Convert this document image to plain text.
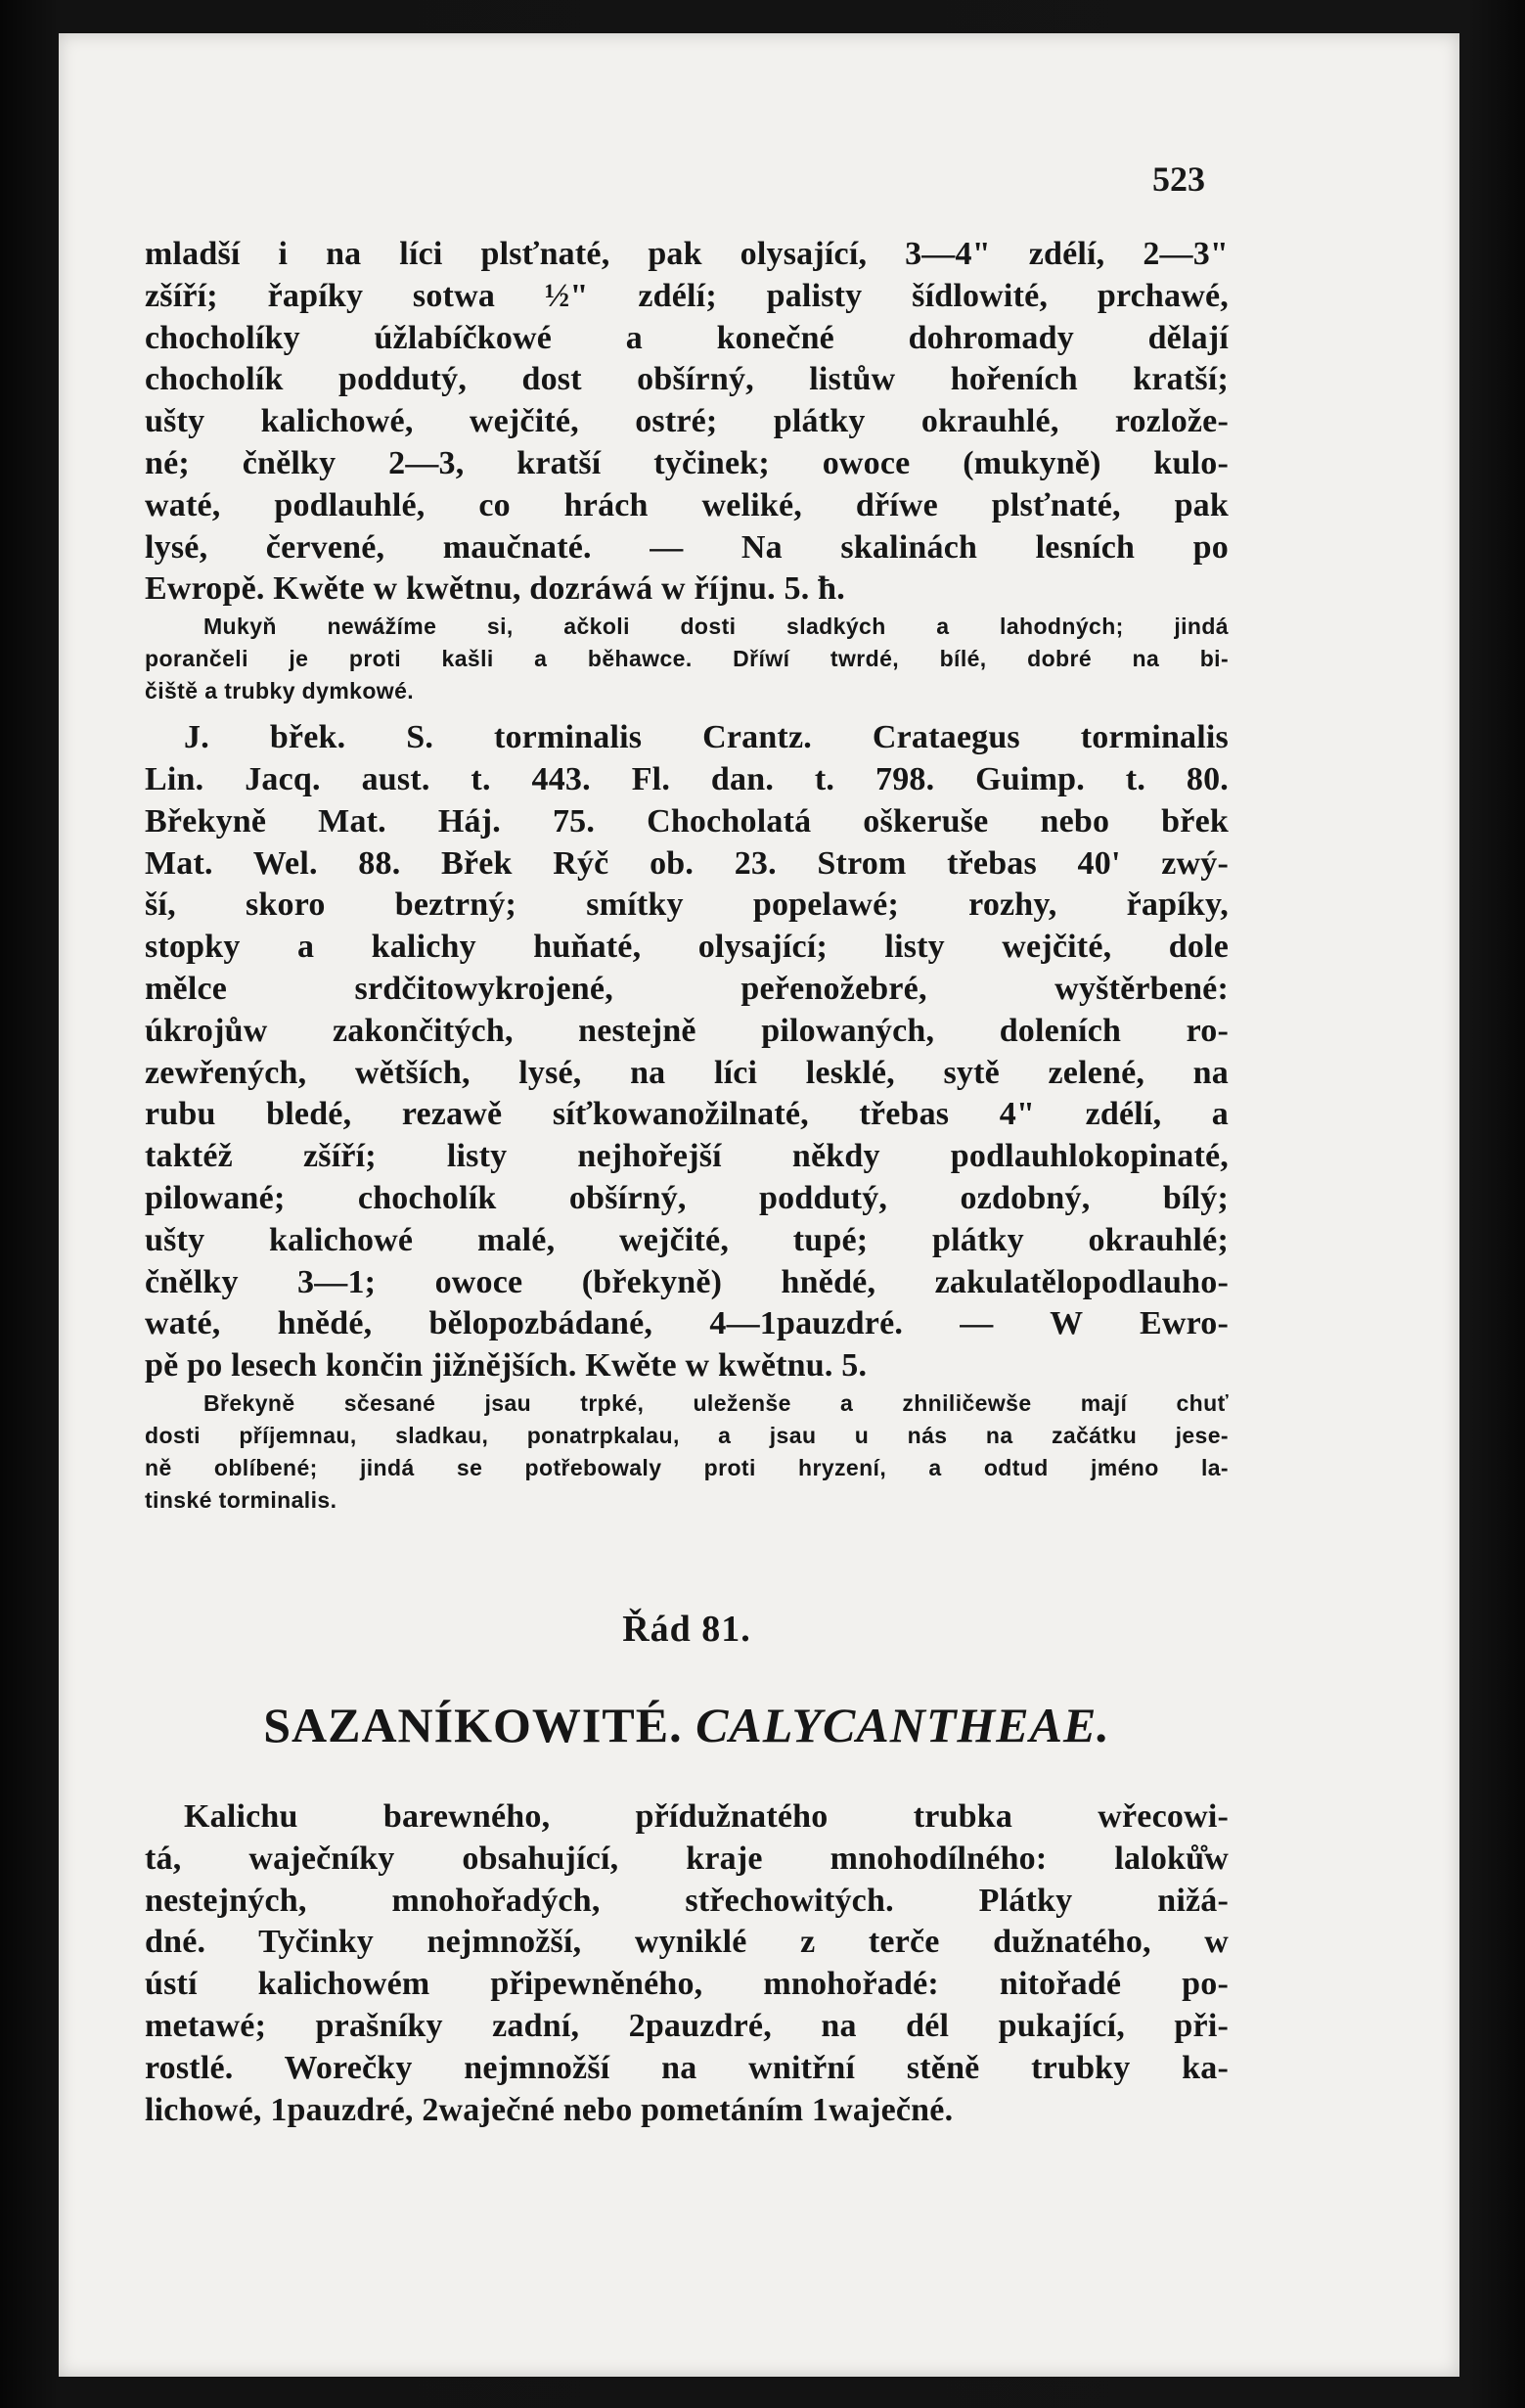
523
mladší i na líci plsťnaté, pak olysající, 3—4" zdélí, 2—3"
zšíří; řapíky sotwa ½" zdélí; palisty šídlowité, prchawé,
chocholíky úžlabíčkowé a konečné dohromady dělají
chocholík poddutý, dost obšírný, listůw hořeních kratší;
ušty kalichowé, wejčité, ostré; plátky okrauhlé, rozlože-
né; čnělky 2—3, kratší tyčinek; owoce (mukyně) kulo-
waté, podlauhlé, co hrách weliké, dříwe plsťnaté, pak
lysé, červené, maučnaté. — Na skalinách lesních po
Ewropě. Kwěte w kwětnu, dozráwá w říjnu. 5. ħ.
Mukyň newážíme si, ačkoli dosti sladkých a lahodných; jindá
porančeli je proti kašli a běhawce. Dříwí twrdé, bílé, dobré na bi-
čiště a trubky dymkowé.
J. břek. S. torminalis Crantz. Crataegus torminalis
Lin. Jacq. aust. t. 443. Fl. dan. t. 798. Guimp. t. 80.
Břekyně Mat. Háj. 75. Chocholatá oškeruše nebo břek
Mat. Wel. 88. Břek Rýč ob. 23. Strom třebas 40' zwý-
ší, skoro beztrný; smítky popelawé; rozhy, řapíky,
stopky a kalichy huňaté, olysající; listy wejčité, dole
mělce srdčitowykrojené, peřenožebré, wyštěrbené:
úkrojůw zakončitých, nestejně pilowaných, doleních ro-
zewřených, wětších, lysé, na líci lesklé, sytě zelené, na
rubu bledé, rezawě síťkowanožilnaté, třebas 4" zdélí, a
taktéž zšíří; listy nejhořejší někdy podlauhlokopinaté,
pilowané; chocholík obšírný, poddutý, ozdobný, bílý;
ušty kalichowé malé, wejčité, tupé; plátky okrauhlé;
čnělky 3—1; owoce (břekyně) hnědé, zakulatělopodlauho-
waté, hnědé, bělopozbádané, 4—1pauzdré. — W Ewro-
pě po lesech končin jižnějších. Kwěte w kwětnu. 5.
Břekyně sčesané jsau trpké, uleženše a zhniličewše mají chuť
dosti příjemnau, sladkau, ponatrpkalau, a jsau u nás na začátku jese-
ně oblíbené; jindá se potřebowaly proti hryzení, a odtud jméno la-
tinské torminalis.
Řád 81.
SAZANÍKOWITÉ. CALYCANTHEAE.
Kalichu barewného, přídužnatého trubka wřecowi-
tá, waječníky obsahující, kraje mnohodílného: laloků̊w
nestejných, mnohořadých, střechowitých. Plátky nižá-
dné. Tyčinky nejmnožší, wyniklé z terče dužnatého, w
ústí kalichowém připewněného, mnohořadé: nitořadé po-
metawé; prašníky zadní, 2pauzdré, na dél pukající, při-
rostlé. Worečky nejmnožší na wnitřní stěně trubky ka-
lichowé, 1pauzdré, 2waječné nebo pometáním 1waječné.
